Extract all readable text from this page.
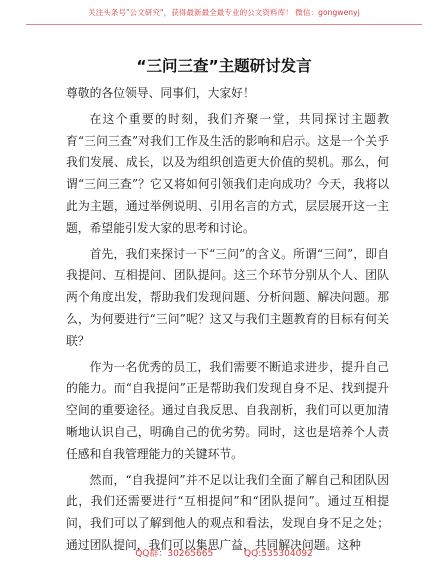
关注头条号"公文研究"，获得最新最全最专业的公文资料库！ 微信：gongwenyj
“三问三查”主题研讨发言

尊敬的各位领导、同事们，大家好！

在这个重要的时刻，我们齐聚一堂，共同探讨主题教育“三问三查”对我们工作及生活的影响和启示。这是一个关乎我们发展、成长，以及为组织创造更大价值的契机。那么，何谓“三问三查”？它又将如何引领我们走向成功？今天，我将以此为主题，通过举例说明、引用名言的方式，层层展开这一主题，希望能引发大家的思考和讨论。

首先，我们来探讨一下“三问”的含义。所谓“三问”，即自我提问、互相提问、团队提问。这三个环节分别从个人、团队两个角度出发，帮助我们发现问题、分析问题、解决问题。那么，为何要进行“三问”呢？这又与我们主题教育的目标有何关联？

作为一名优秀的员工，我们需要不断追求进步，提升自己的能力。而“自我提问”正是帮助我们发现自身不足、找到提升空间的重要途径。通过自我反思、自我剖析，我们可以更加清晰地认识自己，明确自己的优劣势。同时，这也是培养个人责任感和自我管理能力的关键环节。

然而，“自我提问”并不足以让我们全面了解自己和团队因此，我们还需要进行“互相提问”和“团队提问”。通过互相提问，我们可以了解到他人的观点和看法，发现自身不足之处；通过团队提问，我们可以集思广益，共同解决问题。这种

QQ群：30265665	QQ:535304092
